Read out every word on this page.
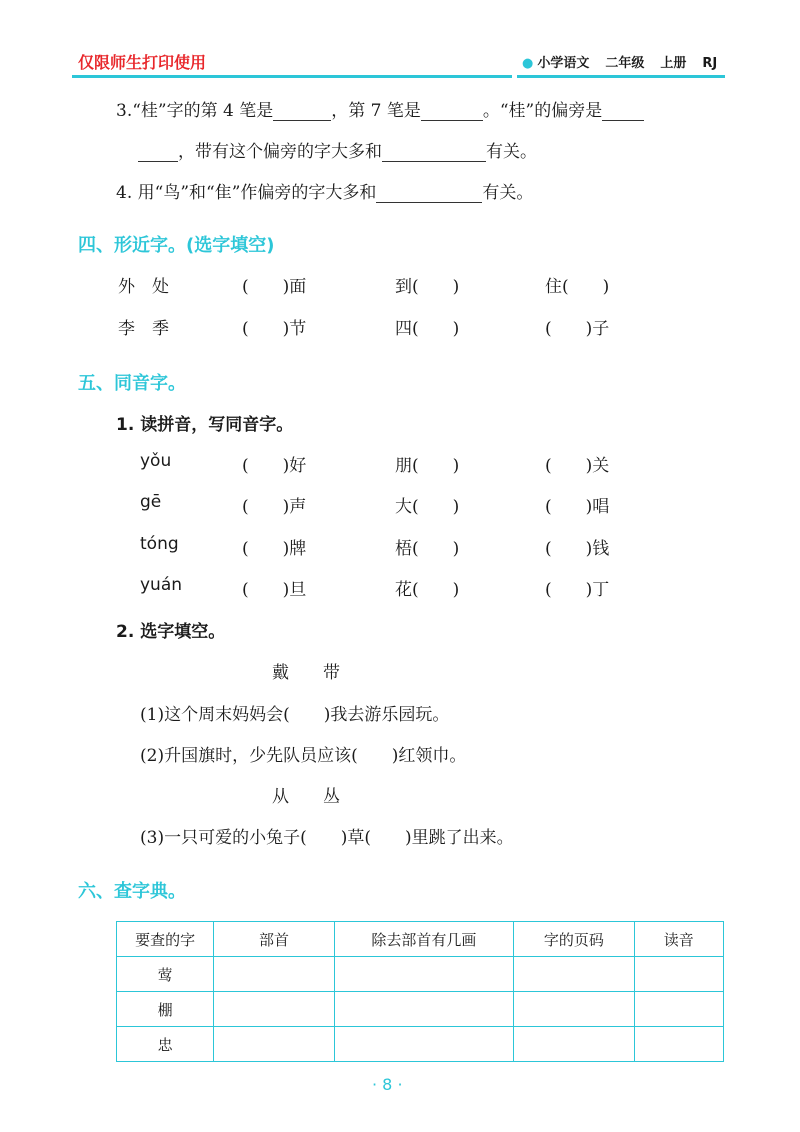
仅限师生打印使用	● 小学语文 二年级 上册 RJ
3.“桂”字的第 4 笔是	，第 7 笔是	。“桂”的偏旁是
，带有这个偏旁的字大多和	有关。
4. 用“鸟”和“隹”作偏旁的字大多和	有关。
四、形近字。(选字填空)
外　处	(　　)面	到(　　)	住(　　)
李　季	(　　)节	四(　　)	(　　)子
五、同音字。
1. 读拼音，写同音字。
yǒu	(　　)好	朋(　　)	(　　)关
gē	(　　)声	大(　　)	(　　)唱
tóng	(　　)牌	梧(　　)	(　　)钱
yuán	(　　)旦	花(　　)	(　　)丁
2. 选字填空。
戴　　带
(1)这个周末妈妈会(　　)我去游乐园玩。
(2)升国旗时，少先队员应该(　　)红领巾。
从　　丛
(3)一只可爱的小兔子(　　)草(　　)里跳了出来。
六、查字典。
要查的字	部首	除去部首有几画	字的页码	读音
莺				
棚				
忠				
· 8 ·
